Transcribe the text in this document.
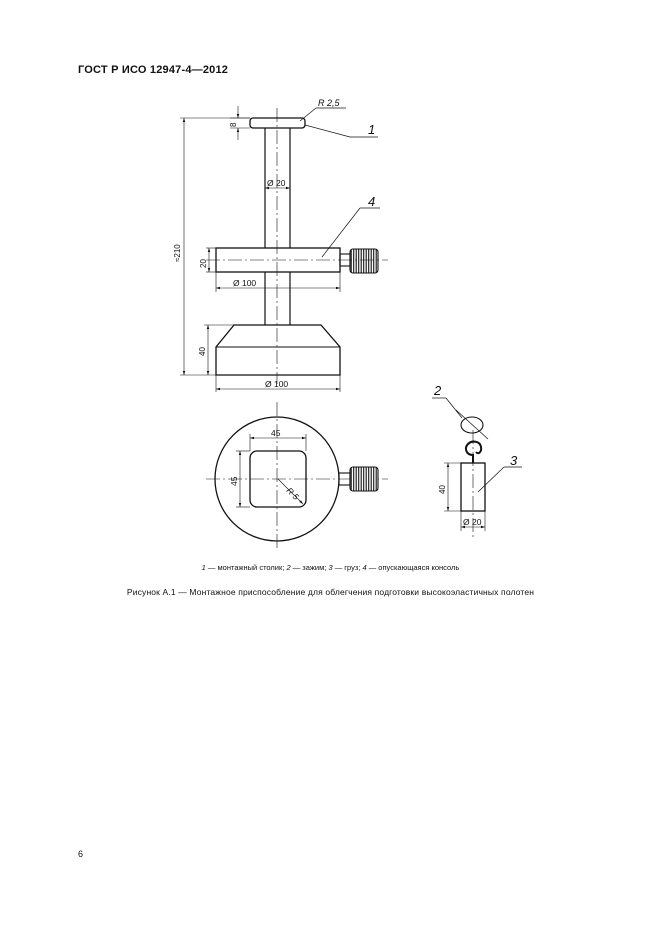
ГОСТ Р ИСО 12947-4—2012
R 2,5
8
≈210
Ø 20
20
Ø 100
40
Ø 100
45
45
R 5	40
Ø 20
1
4
2
3
1 — монтажный столик; 2 — зажим; 3 — груз; 4 — опускающаяся консоль
Рисунок А.1 — Монтажное приспособление для облегчения подготовки высокоэластичных полотен
6
